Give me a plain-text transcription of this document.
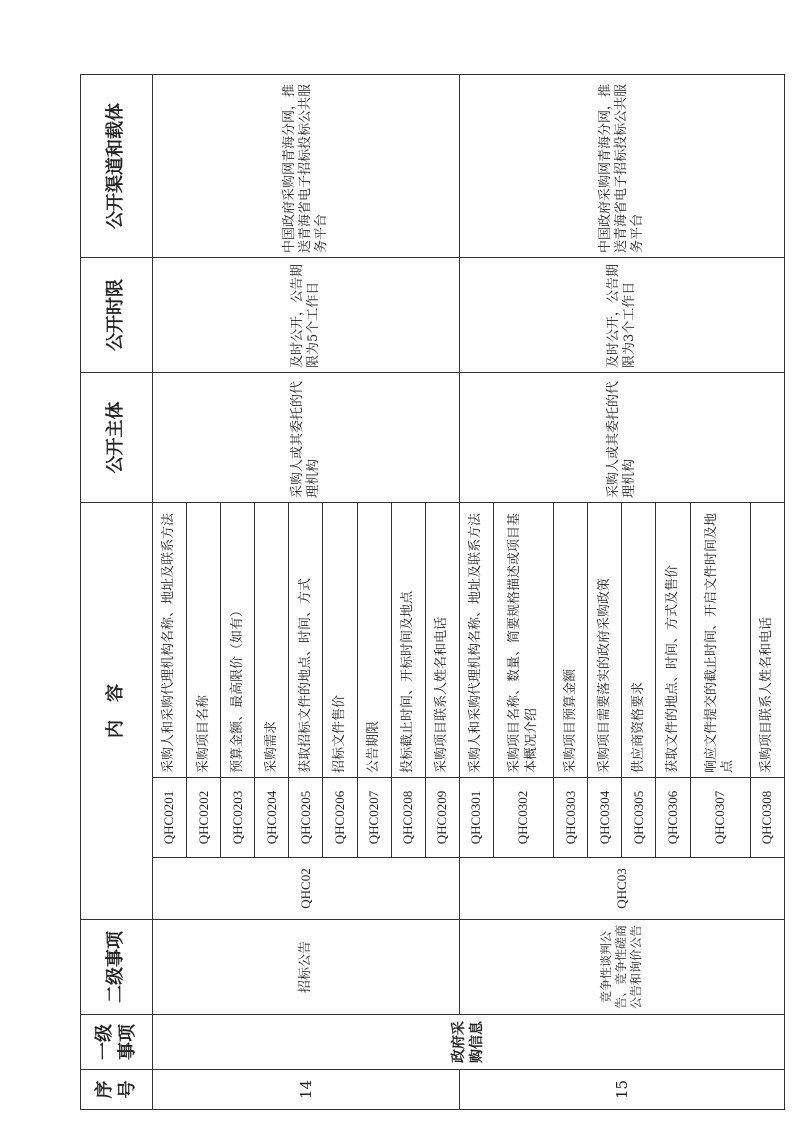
序号	一级事项	二级事项	内　容			公开主体	公开时限	公开渠道和载体
14	政府采购信息	招标公告	QHC02	QHC0201	采购人和采购代理机构名称、地址及联系方法	采购人或其委托的代理机构	及时公开，公告期限为5个工作日	中国政府采购网青海分网，推送青海省电子招标投标公共服务平台
				QHC0202	采购项目名称			
				QHC0203	预算金额、最高限价（如有）			
				QHC0204	采购需求			
				QHC0205	获取招标文件的地点、时间、方式			
				QHC0206	招标文件售价			
				QHC0207	公告期限			
				QHC0208	投标截止时间、开标时间及地点			
				QHC0209	采购项目联系人姓名和电话			
15		竞争性谈判公告、竞争性磋商公告和询价公告	QHC03	QHC0301	采购人和采购代理机构名称、地址及联系方法	采购人或其委托的代理机构	及时公开，公告期限为3个工作日	中国政府采购网青海分网，推送青海省电子招标投标公共服务平台
				QHC0302	采购项目名称、数量、简要规格描述或项目基本概况介绍			
				QHC0303	采购项目预算金额			
				QHC0304	采购项目需要落实的政府采购政策			
				QHC0305	供应商资格要求			
				QHC0306	获取文件的地点、时间、方式及售价			
				QHC0307	响应文件提交的截止时间、开启文件时间及地点			
				QHC0308	采购项目联系人姓名和电话			
